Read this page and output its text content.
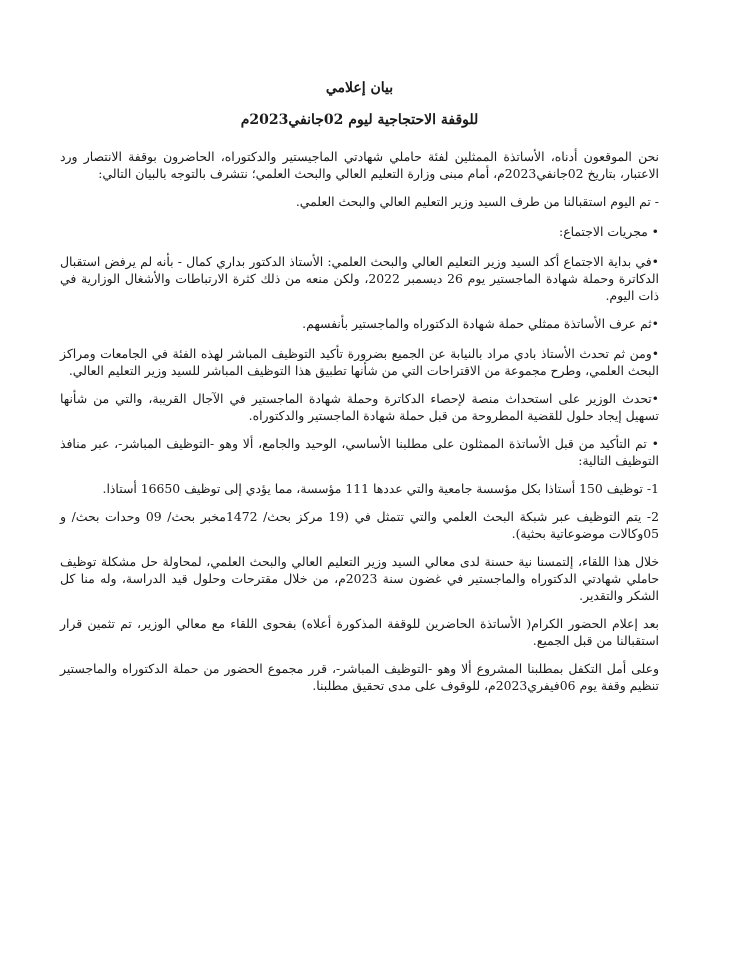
بيان إعلامي

للوقفة الاحتجاجية ليوم 02جانفي2023م

نحن الموقعون أدناه، الأساتذة الممثلين لفئة حاملي شهادتي الماجيستير والدكتوراه، الحاضرون بوقفة الانتصار ورد الاعتبار، بتاريخ 02جانفي2023م، أمام مبنى وزارة التعليم العالي والبحث العلمي؛ نتشرف بالتوجه بالبيان التالي:

- تم اليوم استقبالنا من طرف السيد وزير التعليم العالي والبحث العلمي.

• مجريات الاجتماع:

•في بداية الاجتماع أكد السيد وزير التعليم العالي والبحث العلمي: الأستاذ الدكتور بداري كمال - بأنه لم يرفض استقبال الدكاترة وحملة شهادة الماجستير يوم 26 ديسمبر 2022، ولكن منعه من ذلك كثرة الارتباطات والأشغال الوزارية في ذات اليوم.

•ثم عرف الأساتذة ممثلي حملة شهادة الدكتوراه والماجستير بأنفسهم.

•ومن ثم تحدث الأستاذ بادي مراد بالنيابة عن الجميع بضرورة تأكيد التوظيف المباشر لهذه الفئة في الجامعات ومراكز البحث العلمي، وطرح مجموعة من الاقتراحات التي من شأنها تطبيق هذا التوظيف المباشر للسيد وزير التعليم العالي.

•تحدث الوزير على استحداث منصة لإحصاء الدكاترة وحملة شهادة الماجستير في الآجال القريبة، والتي من شأنها تسهيل إيجاد حلول للقضية المطروحة من قبل حملة شهادة الماجستير والدكتوراه.

• تم التأكيد من قبل الأساتذة الممثلون على مطلبنا الأساسي، الوحيد والجامع، ألا وهو -التوظيف المباشر-، عبر منافذ التوظيف التالية:

1- توظيف 150 أستاذا بكل مؤسسة جامعية والتي عددها 111 مؤسسة، مما يؤدي إلى توظيف 16650 أستاذا.

2- يتم التوظيف عبر شبكة البحث العلمي والتي تتمثل في (19 مركز بحث/ 1472مخبر بحث/ 09 وحدات بحث/ و 05وكالات موضوعاتية بحثية).

خلال هذا اللقاء، إلتمسنا نية حسنة لدى معالي السيد وزير التعليم العالي والبحث العلمي، لمحاولة حل مشكلة توظيف حاملي شهادتي الدكتوراه والماجستير في غضون سنة 2023م، من خلال مقترحات وحلول قيد الدراسة، وله منا كل الشكر والتقدير.

بعد إعلام الحضور الكرام( الأساتذة الحاضرين للوقفة المذكورة أعلاه) بفحوى اللقاء مع معالي الوزير، تم تثمين قرار استقبالنا من قبل الجميع.

وعلى أمل التكفل بمطلبنا المشروع ألا وهو -التوظيف المباشر-، قرر مجموع الحضور من حملة الدكتوراه والماجستير تنظيم وقفة يوم 06فيفري2023م، للوقوف على مدى تحقيق مطلبنا.
